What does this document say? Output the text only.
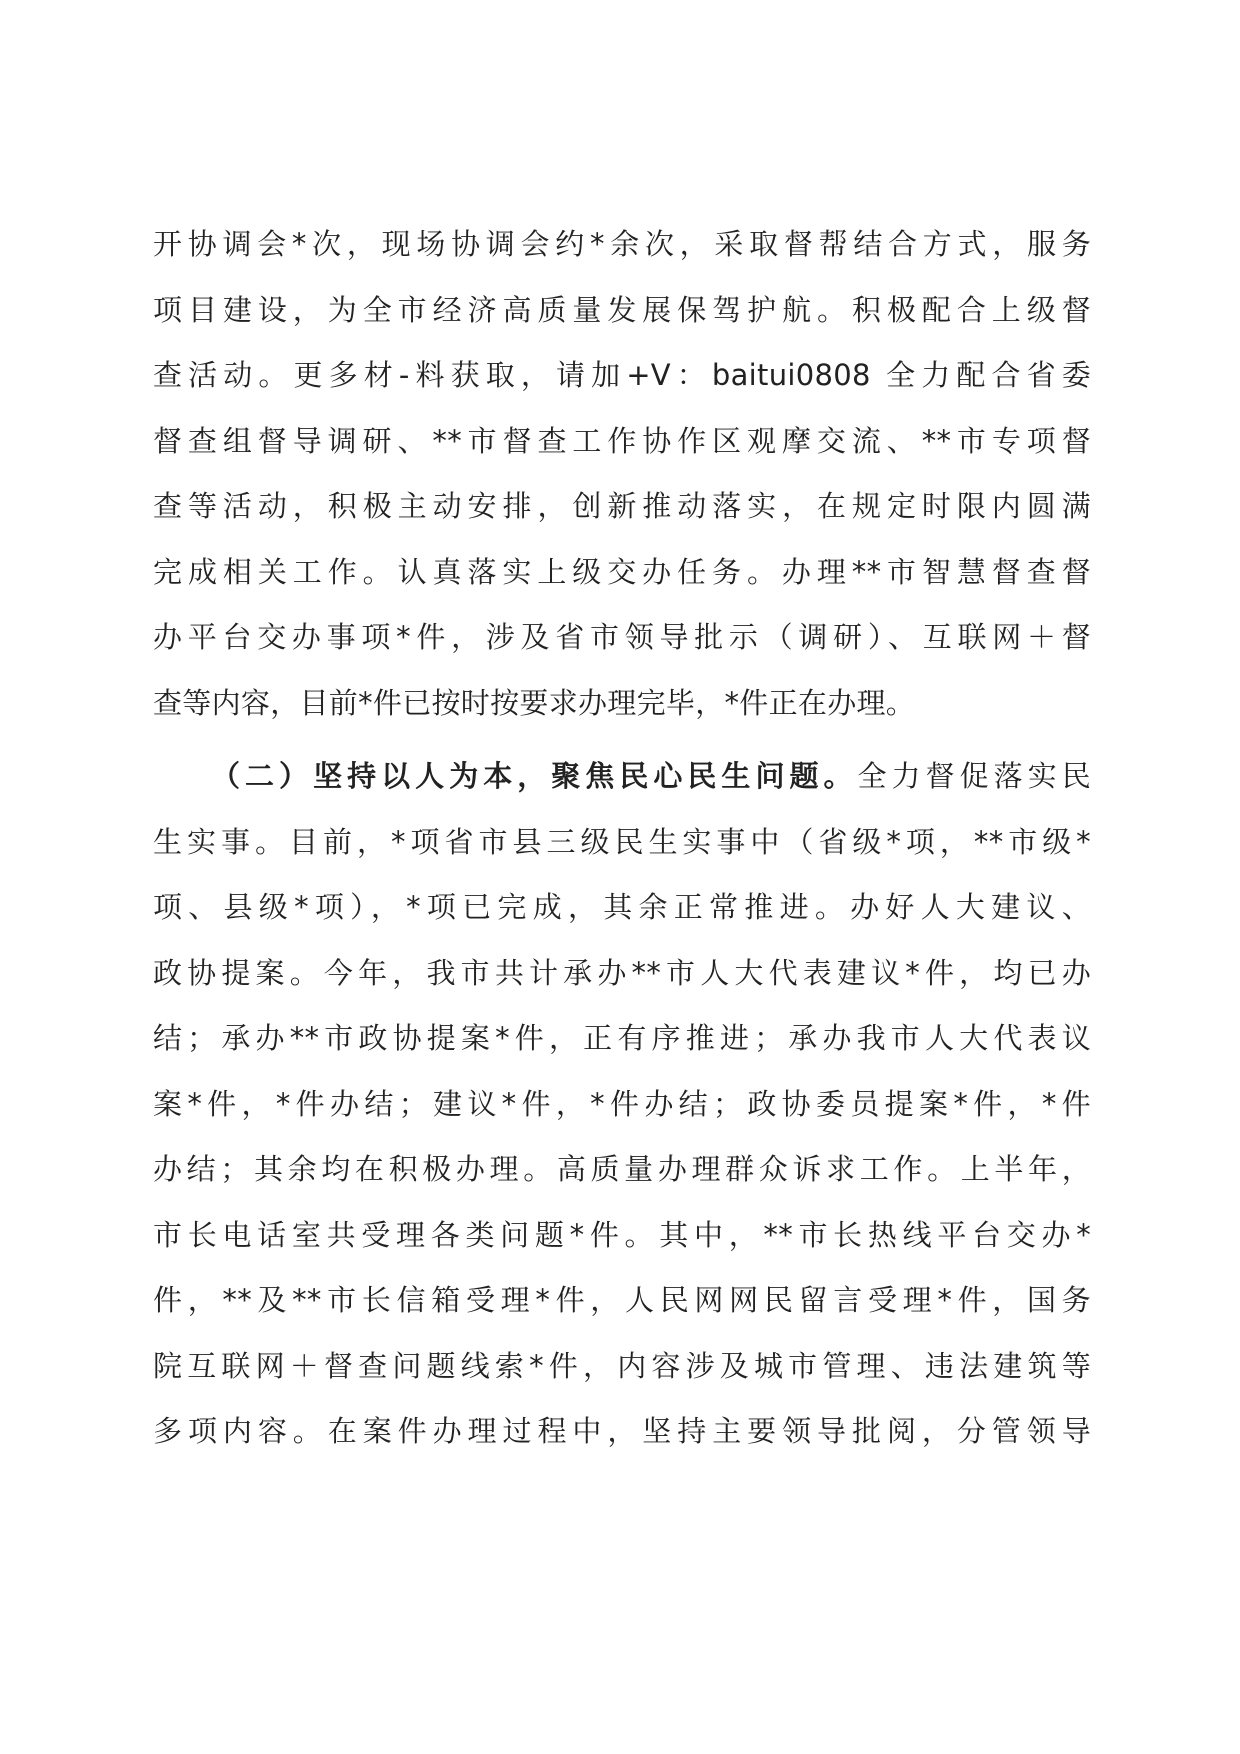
开协调会*次，现场协调会约*余次，采取督帮结合方式，服务
项目建设，为全市经济高质量发展保驾护航。积极配合上级督
查活动。更多材-料获取，请加+V：baitui0808 全力配合省委
督查组督导调研、**市督查工作协作区观摩交流、**市专项督
查等活动，积极主动安排，创新推动落实，在规定时限内圆满
完成相关工作。认真落实上级交办任务。办理**市智慧督查督
办平台交办事项*件，涉及省市领导批示（调研）、互联网＋督
查等内容，目前*件已按时按要求办理完毕，*件正在办理。
（二）坚持以人为本，聚焦民心民生问题。全力督促落实民
生实事。目前，*项省市县三级民生实事中（省级*项，**市级*
项、县级*项），*项已完成，其余正常推进。办好人大建议、
政协提案。今年，我市共计承办**市人大代表建议*件，均已办
结；承办**市政协提案*件，正有序推进；承办我市人大代表议
案*件，*件办结；建议*件，*件办结；政协委员提案*件，*件
办结；其余均在积极办理。高质量办理群众诉求工作。上半年，
市长电话室共受理各类问题*件。其中，**市长热线平台交办*
件，**及**市长信箱受理*件，人民网网民留言受理*件，国务
院互联网＋督查问题线索*件，内容涉及城市管理、违法建筑等
多项内容。在案件办理过程中，坚持主要领导批阅，分管领导
